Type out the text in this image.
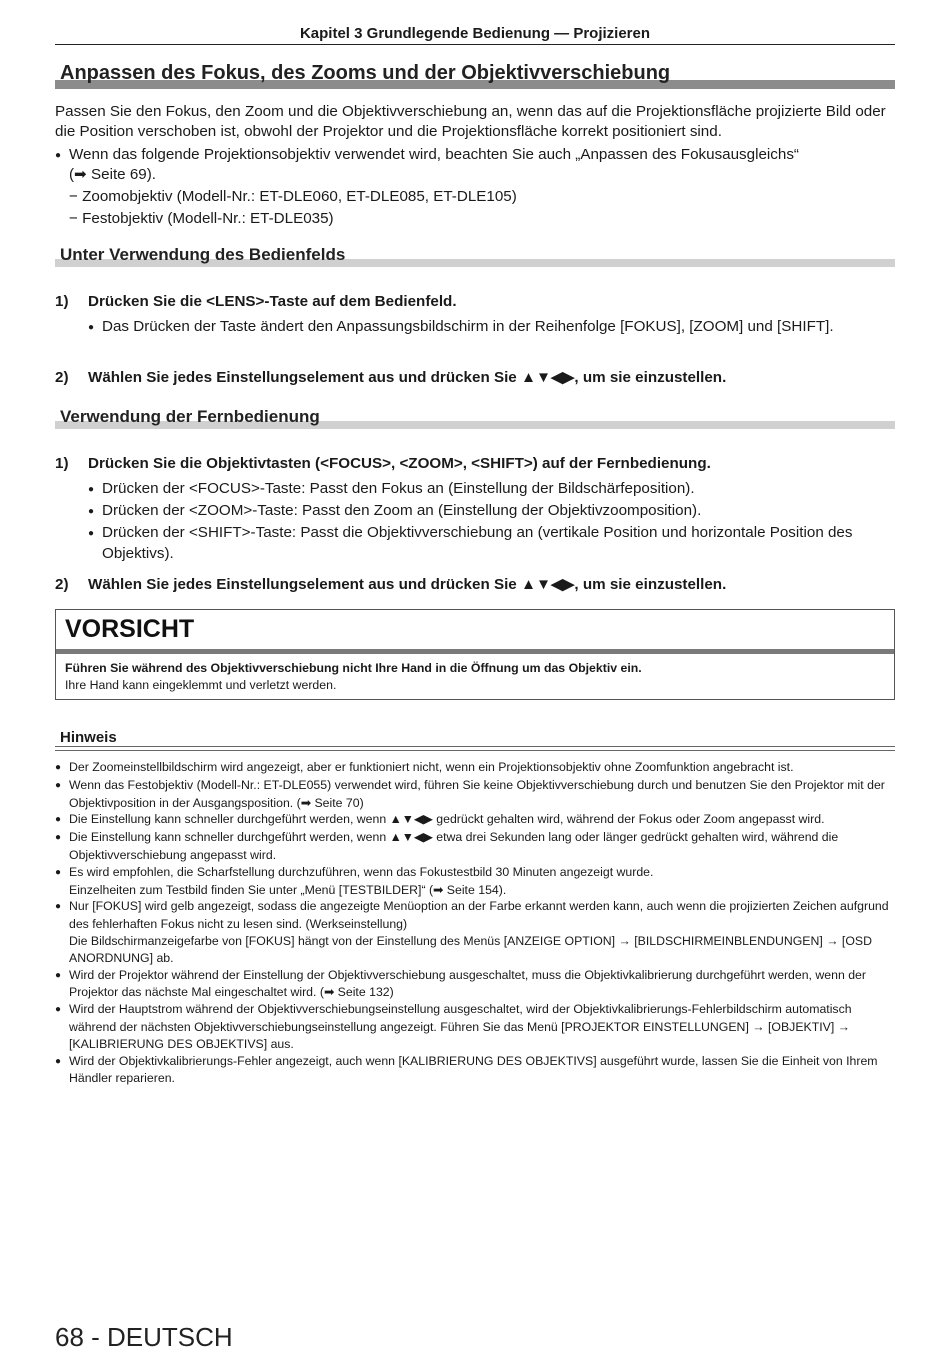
Kapitel 3 Grundlegende Bedienung — Projizieren
Anpassen des Fokus, des Zooms und der Objektivverschiebung
Passen Sie den Fokus, den Zoom und die Objektivverschiebung an, wenn das auf die Projektionsfläche projizierte Bild oder die Position verschoben ist, obwohl der Projektor und die Projektionsfläche korrekt positioniert sind.
● Wenn das folgende Projektionsobjektiv verwendet wird, beachten Sie auch „Anpassen des Fokusausgleichs“
(➡ Seite 69).
− Zoomobjektiv (Modell-Nr.: ET-DLE060, ET-DLE085, ET-DLE105)
− Festobjektiv (Modell-Nr.: ET-DLE035)
Unter Verwendung des Bedienfelds
1) Drücken Sie die <LENS>-Taste auf dem Bedienfeld.
● Das Drücken der Taste ändert den Anpassungsbildschirm in der Reihenfolge [FOKUS], [ZOOM] und [SHIFT].
2) Wählen Sie jedes Einstellungselement aus und drücken Sie ▲▼◀▶, um sie einzustellen.
Verwendung der Fernbedienung
1) Drücken Sie die Objektivtasten (<FOCUS>, <ZOOM>, <SHIFT>) auf der Fernbedienung.
● Drücken der <FOCUS>-Taste: Passt den Fokus an (Einstellung der Bildschärfeposition).
● Drücken der <ZOOM>-Taste: Passt den Zoom an (Einstellung der Objektivzoomposition).
● Drücken der <SHIFT>-Taste: Passt die Objektivverschiebung an (vertikale Position und horizontale Position des Objektivs).
2) Wählen Sie jedes Einstellungselement aus und drücken Sie ▲▼◀▶, um sie einzustellen.
VORSICHT
Führen Sie während des Objektivverschiebung nicht Ihre Hand in die Öffnung um das Objektiv ein.
Ihre Hand kann eingeklemmt und verletzt werden.
Hinweis
● Der Zoomeinstellbildschirm wird angezeigt, aber er funktioniert nicht, wenn ein Projektionsobjektiv ohne Zoomfunktion angebracht ist.
● Wenn das Festobjektiv (Modell-Nr.: ET-DLE055) verwendet wird, führen Sie keine Objektivverschiebung durch und benutzen Sie den Projektor mit der Objektivposition in der Ausgangsposition. (➡ Seite 70)
● Die Einstellung kann schneller durchgeführt werden, wenn ▲▼◀▶ gedrückt gehalten wird, während der Fokus oder Zoom angepasst wird.
● Die Einstellung kann schneller durchgeführt werden, wenn ▲▼◀▶ etwa drei Sekunden lang oder länger gedrückt gehalten wird, während die Objektivverschiebung angepasst wird.
● Es wird empfohlen, die Scharfstellung durchzuführen, wenn das Fokustestbild 30 Minuten angezeigt wurde.
Einzelheiten zum Testbild finden Sie unter „Menü [TESTBILDER]“ (➡ Seite 154).
● Nur [FOKUS] wird gelb angezeigt, sodass die angezeigte Menüoption an der Farbe erkannt werden kann, auch wenn die projizierten Zeichen aufgrund des fehlerhaften Fokus nicht zu lesen sind. (Werkseinstellung)
Die Bildschirmanzeigefarbe von [FOKUS] hängt von der Einstellung des Menüs [ANZEIGE OPTION] → [BILDSCHIRMEINBLENDUNGEN] → [OSD ANORDNUNG] ab.
● Wird der Projektor während der Einstellung der Objektivverschiebung ausgeschaltet, muss die Objektivkalibrierung durchgeführt werden, wenn der Projektor das nächste Mal eingeschaltet wird. (➡ Seite 132)
● Wird der Hauptstrom während der Objektivverschiebungseinstellung ausgeschaltet, wird der Objektivkalibrierungs-Fehlerbildschirm automatisch während der nächsten Objektivverschiebungseinstellung angezeigt. Führen Sie das Menü [PROJEKTOR EINSTELLUNGEN] → [OBJEKTIV] → [KALIBRIERUNG DES OBJEKTIVS] aus.
● Wird der Objektivkalibrierungs-Fehler angezeigt, auch wenn [KALIBRIERUNG DES OBJEKTIVS] ausgeführt wurde, lassen Sie die Einheit von Ihrem Händler reparieren.
68 - DEUTSCH
